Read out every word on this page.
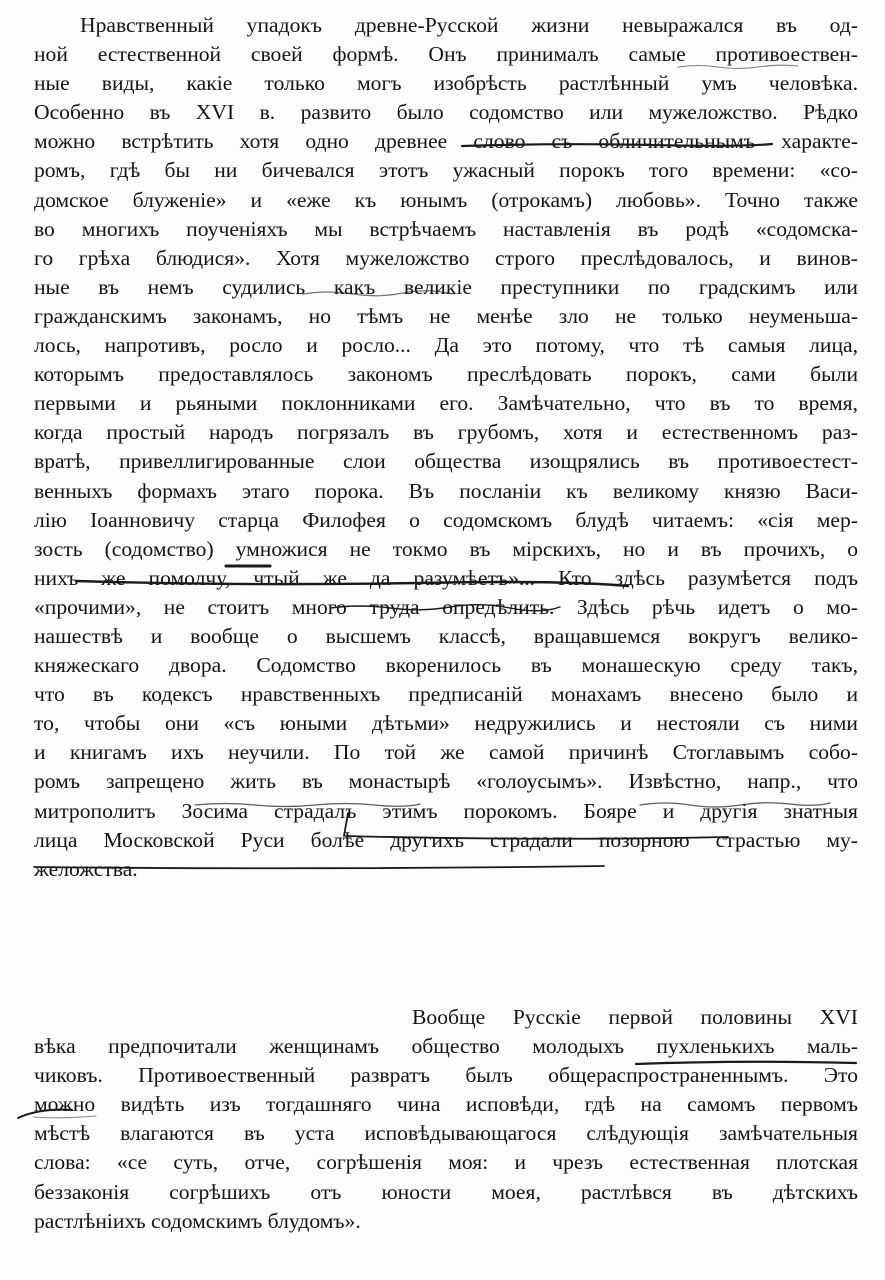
Нравственный упадокъ древне-Русской жизни невыражался въ од-
ной естественной своей формѣ. Онъ принималъ самые противоествен-
ные виды, какіе только могъ изобрѣсть растлѣнный умъ человѣка.
Особенно въ XVI в. развито было содомство или мужеложство. Рѣдко
можно встрѣтить хотя одно древнее слово съ обличительнымъ характе-
ромъ, гдѣ бы ни бичевался этотъ ужасный порокъ того времени: «со-
домское блуженіе» и «еже къ юнымъ (отрокамъ) любовь». Точно также
во многихъ поученіяхъ мы встрѣчаемъ наставленія въ родѣ «содомска-
го грѣха блюдися». Хотя мужеложство строго преслѣдовалось, и винов-
ные въ немъ судились какъ великіе преступники по градскимъ или
гражданскимъ законамъ, но тѣмъ не менѣе зло не только неуменьша-
лось, напротивъ, росло и росло... Да это потому, что тѣ самыя лица,
которымъ предоставлялось закономъ преслѣдовать порокъ, сами были
первыми и рьяными поклонниками его. Замѣчательно, что въ то время,
когда простый народъ погрязалъ въ грубомъ, хотя и естественномъ раз-
вратѣ, привеллигированные слои общества изощрялись въ противоестест-
венныхъ формахъ этаго порока. Въ посланіи къ великому князю Васи-
лію Іоанновичу старца Филофея о содомскомъ блудѣ читаемъ: «сія мер-
зость (содомство) умножися не токмо въ мірскихъ, но и въ прочихъ, о
нихъ же помолчу, чтый же да разумѣетъ»... Кто здѣсь разумѣется подъ
«прочими», не стоитъ много труда опредѣлить. Здѣсь рѣчь идетъ о мо-
нашествѣ и вообще о высшемъ классѣ, вращавшемся вокругъ велико-
княжескаго двора. Содомство вкоренилось въ монашескую среду такъ,
что въ кодексъ нравственныхъ предписаній монахамъ внесено было и
то, чтобы они «съ юными дѣтьми» недружились и нестояли съ ними
и книгамъ ихъ неучили. По той же самой причинѣ Стоглавымъ собо-
ромъ запрещено жить въ монастырѣ «голоусымъ». Извѣстно, напр., что
митрополитъ Зосима страдалъ этимъ порокомъ. Бояре и другія знатныя
лица Московской Руси болѣе другихъ страдали позорною страстью му-
желожства.
Вообще Русскіе первой половины XVI
вѣка предпочитали женщинамъ общество молодыхъ пухленькихъ маль-
чиковъ. Противоественный развратъ былъ общераспространеннымъ. Это
можно видѣть изъ тогдашняго чина исповѣди, гдѣ на самомъ первомъ
мѣстѣ влагаются въ уста исповѣдывающагося слѣдующія замѣчательныя
слова: «се суть, отче, согрѣшенія моя: и чрезъ естественная плотская
беззаконія согрѣшихъ отъ юности моея, растлѣвся въ дѣтскихъ
растлѣніихъ содомскимъ блудомъ».
